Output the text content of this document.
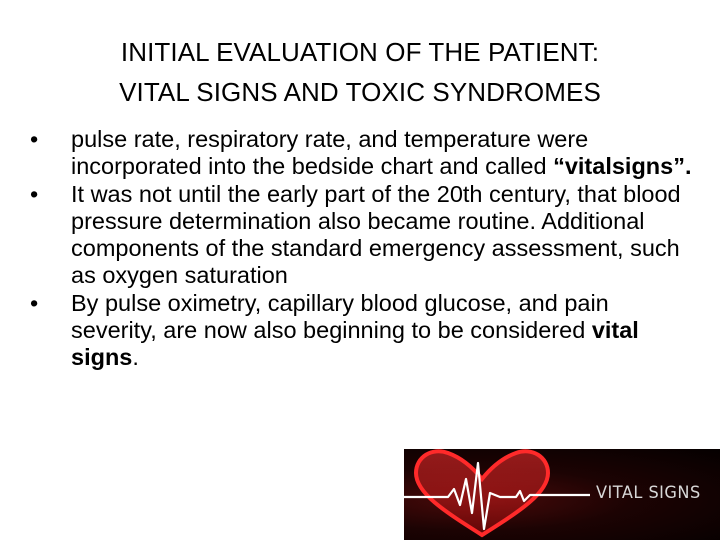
INITIAL EVALUATION OF THE PATIENT:
VITAL SIGNS AND TOXIC SYNDROMES
• pulse rate, respiratory rate, and temperature were incorporated into the bedside chart and called “vitalsigns”.
• It was not until the early part of the 20th century, that blood pressure determination also became routine. Additional components of the standard emergency assessment, such as oxygen saturation
• By pulse oximetry, capillary blood glucose, and pain severity, are now also beginning to be considered vital signs.
VITAL SIGNS
